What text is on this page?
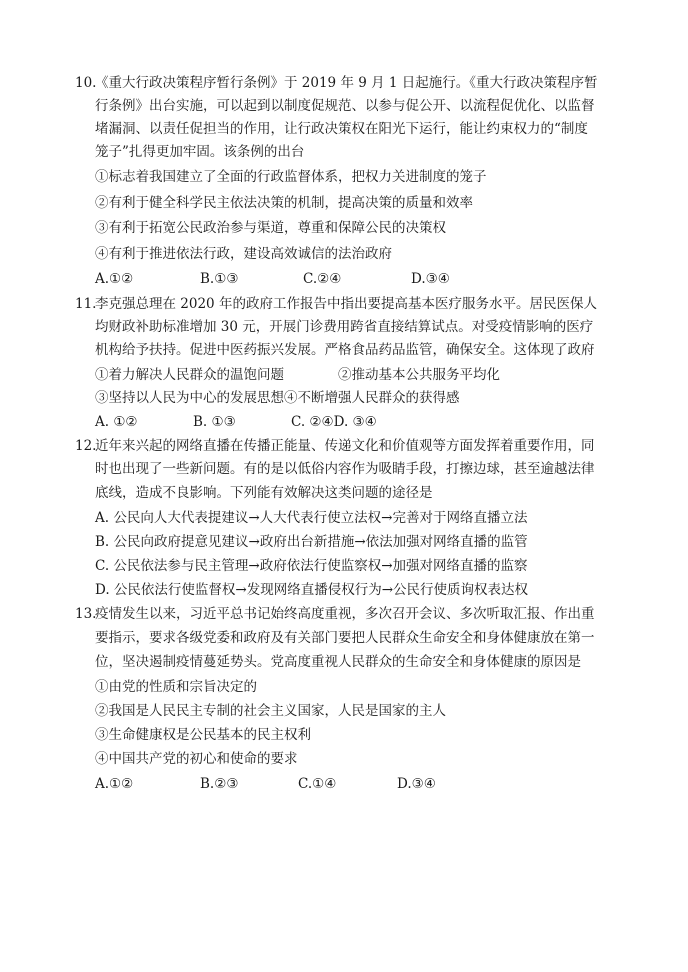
10.
《重大行政决策程序暂行条例》于 2019 年 9 月 1 日起施行。《重大行政决策程序暂
行条例》出台实施，可以起到以制度促规范、以参与促公开、以流程促优化、以监督
堵漏洞、以责任促担当的作用，让行政决策权在阳光下运行，能让约束权力的“制度
笼子”扎得更加牢固。该条例的出台
①标志着我国建立了全面的行政监督体系，把权力关进制度的笼子
②有利于健全科学民主依法决策的机制，提高决策的质量和效率
③有利于拓宽公民政治参与渠道，尊重和保障公民的决策权
④有利于推进依法行政，建设高效诚信的法治政府
A.①②	B.①③	C.②④	D.③④
11.
李克强总理在 2020 年的政府工作报告中指出要提高基本医疗服务水平。居民医保人
均财政补助标准增加 30 元，开展门诊费用跨省直接结算试点。对受疫情影响的医疗
机构给予扶持。促进中医药振兴发展。严格食品药品监管，确保安全。这体现了政府
①着力解决人民群众的温饱问题	②推动基本公共服务平均化
③坚持以人民为中心的发展思想④不断增强人民群众的获得感
A. ①②	B. ①③	C. ②④D. ③④
12.
近年来兴起的网络直播在传播正能量、传递文化和价值观等方面发挥着重要作用，同
时也出现了一些新问题。有的是以低俗内容作为吸睛手段，打擦边球，甚至逾越法律
底线，造成不良影响。下列能有效解决这类问题的途径是
A. 公民向人大代表提建议→人大代表行使立法权→完善对于网络直播立法
B. 公民向政府提意见建议→政府出台新措施→依法加强对网络直播的监管
C. 公民依法参与民主管理→政府依法行使监察权→加强对网络直播的监察
D. 公民依法行使监督权→发现网络直播侵权行为→公民行使质询权表达权
13.
疫情发生以来，习近平总书记始终高度重视，多次召开会议、多次听取汇报、作出重
要指示，要求各级党委和政府及有关部门要把人民群众生命安全和身体健康放在第一
位，坚决遏制疫情蔓延势头。党高度重视人民群众的生命安全和身体健康的原因是
①由党的性质和宗旨决定的
②我国是人民民主专制的社会主义国家，人民是国家的主人
③生命健康权是公民基本的民主权利
④中国共产党的初心和使命的要求
A.①②	B.②③	C.①④	D.③④
